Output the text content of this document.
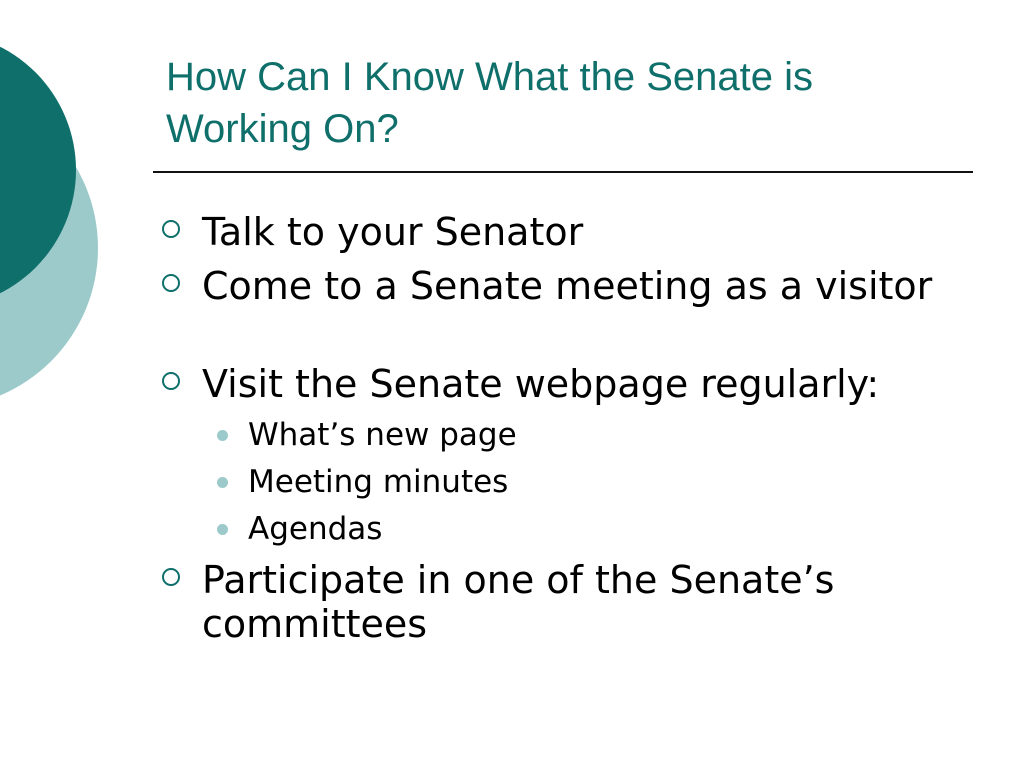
How Can I Know What the Senate is Working On?
Talk to your Senator
Come to a Senate meeting as a visitor
Visit the Senate webpage regularly:
What’s new page
Meeting minutes
Agendas
Participate in one of the Senate’s committees
